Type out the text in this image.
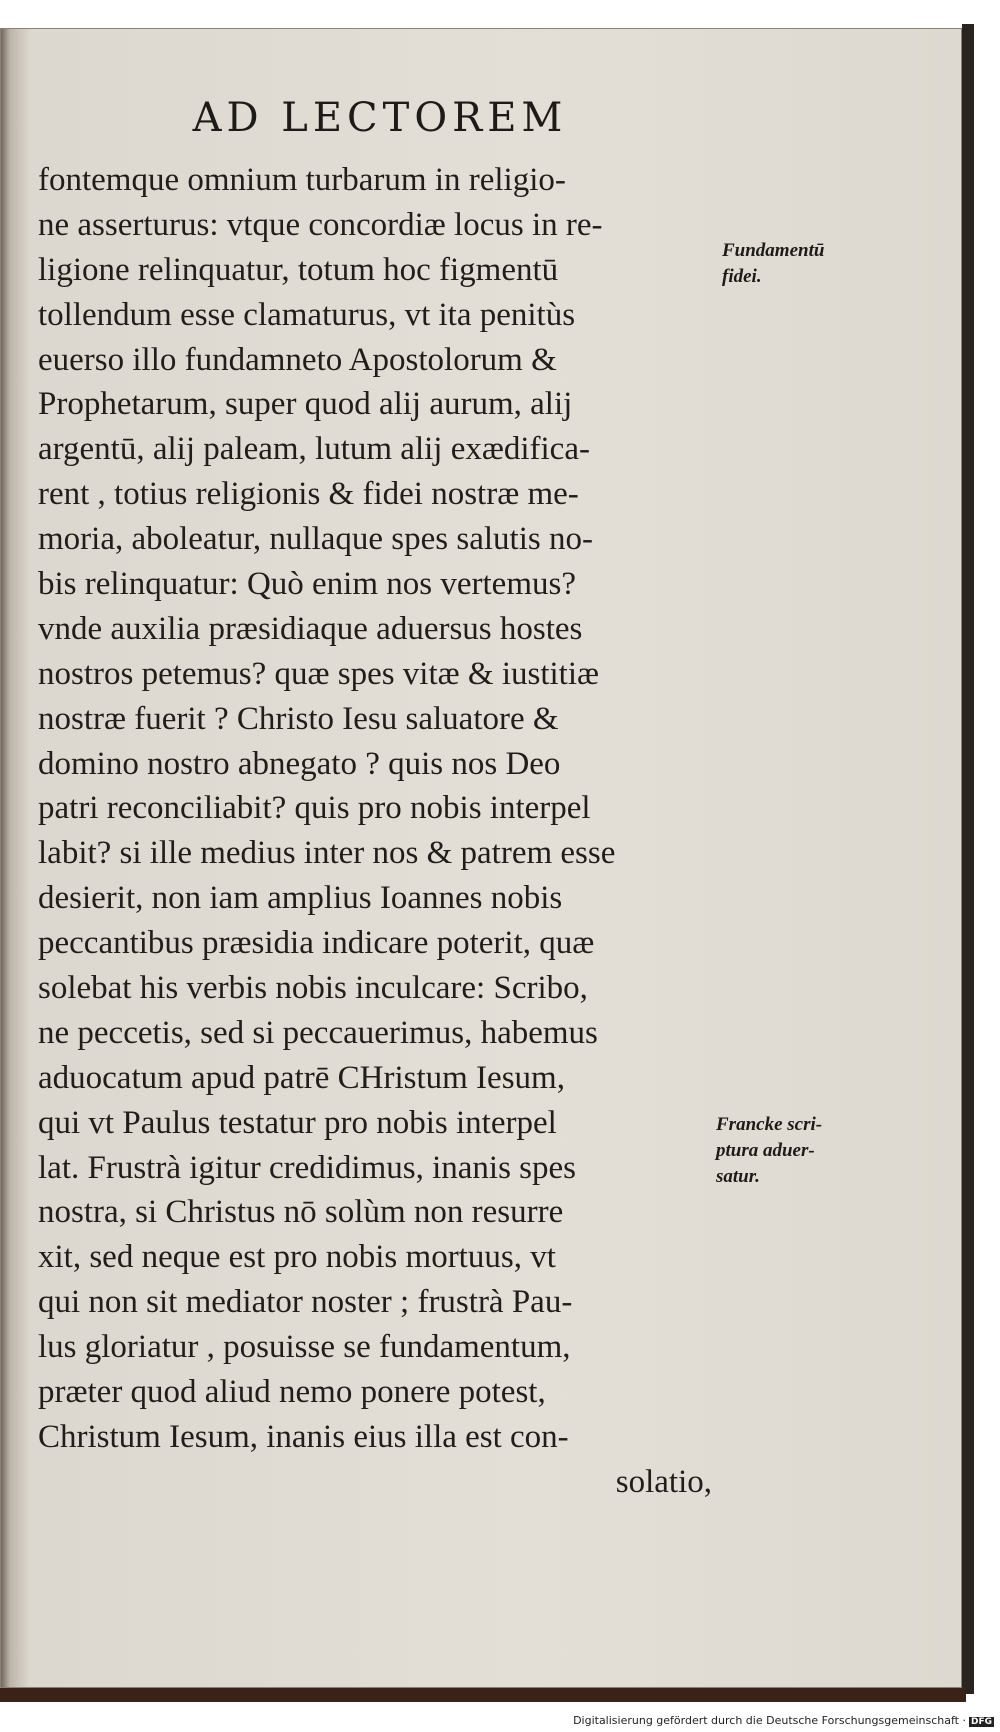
AD LECTOREM
fontemque omnium turbarum in religio-
ne asserturus: vtque concordiæ locus in re-
ligione relinquatur, totum hoc figmentū
tollendum esse clamaturus, vt ita penitùs
euerso illo fundamneto Apostolorum &
Prophetarum, super quod alij aurum, alij
argentū, alij paleam, lutum alij exædifica-
rent , totius religionis & fidei nostræ me-
moria, aboleatur, nullaque spes salutis no-
bis relinquatur: Quò enim nos vertemus?
vnde auxilia præsidiaque aduersus hostes
nostros petemus? quæ spes vitæ & iustitiæ
nostræ fuerit ? Christo Iesu saluatore &
domino nostro abnegato ? quis nos Deo
patri reconciliabit? quis pro nobis interpel
labit? si ille medius inter nos & patrem esse
desierit, non iam amplius Ioannes nobis
peccantibus præsidia indicare poterit, quæ
solebat his verbis nobis inculcare: Scribo,
ne peccetis, sed si peccauerimus, habemus
aduocatum apud patrē CHristum Iesum,
qui vt Paulus testatur pro nobis interpel
lat. Frustrà igitur credidimus, inanis spes
nostra, si Christus nō solùm non resurre
xit, sed neque est pro nobis mortuus, vt
qui non sit mediator noster ; frustrà Pau-
lus gloriatur , posuisse se fundamentum,
præter quod aliud nemo ponere potest,
Christum Iesum, inanis eius illa est con-
solatio,
Fundamentū
fidei.
Francke scri-
ptura aduer-
satur.
Digitalisierung gefördert durch die Deutsche Forschungsgemeinschaft · DFG
